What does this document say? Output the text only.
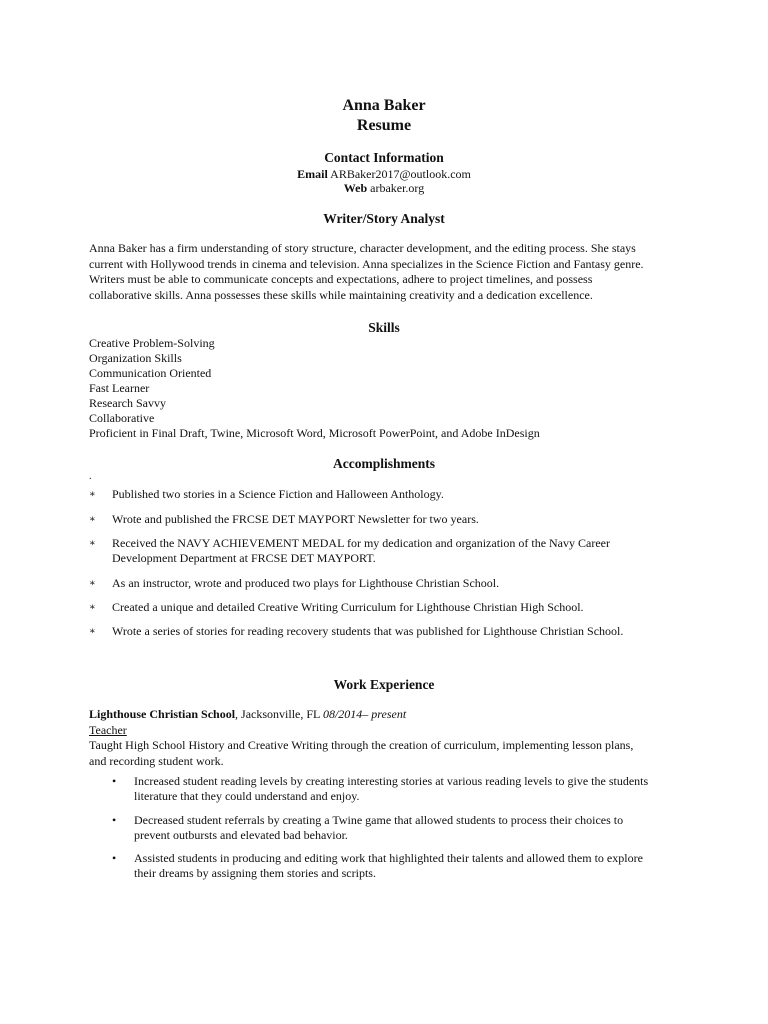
Anna Baker
Resume
Contact Information
Email ARBaker2017@outlook.com
Web arbaker.org
Writer/Story Analyst
Anna Baker has a firm understanding of story structure, character development, and the editing process. She stays
current with Hollywood trends in cinema and television. Anna specializes in the Science Fiction and Fantasy genre.
Writers must be able to communicate concepts and expectations, adhere to project timelines, and possess
collaborative skills. Anna possesses these skills while maintaining creativity and a dedication excellence.
Skills
Creative Problem-Solving
Organization Skills
Communication Oriented
Fast Learner
Research Savvy
Collaborative
Proficient in Final Draft, Twine, Microsoft Word, Microsoft PowerPoint, and Adobe InDesign
Accomplishments
.
∗ Published two stories in a Science Fiction and Halloween Anthology.
∗ Wrote and published the FRCSE DET MAYPORT Newsletter for two years.
∗ Received the NAVY ACHIEVEMENT MEDAL for my dedication and organization of the Navy Career
Development Department at FRCSE DET MAYPORT.
∗ As an instructor, wrote and produced two plays for Lighthouse Christian School.
∗ Created a unique and detailed Creative Writing Curriculum for Lighthouse Christian High School.
∗ Wrote a series of stories for reading recovery students that was published for Lighthouse Christian School.
Work Experience
Lighthouse Christian School, Jacksonville, FL 08/2014– present
Teacher
Taught High School History and Creative Writing through the creation of curriculum, implementing lesson plans,
and recording student work.
• Increased student reading levels by creating interesting stories at various reading levels to give the students
literature that they could understand and enjoy.
• Decreased student referrals by creating a Twine game that allowed students to process their choices to
prevent outbursts and elevated bad behavior.
• Assisted students in producing and editing work that highlighted their talents and allowed them to explore
their dreams by assigning them stories and scripts.
